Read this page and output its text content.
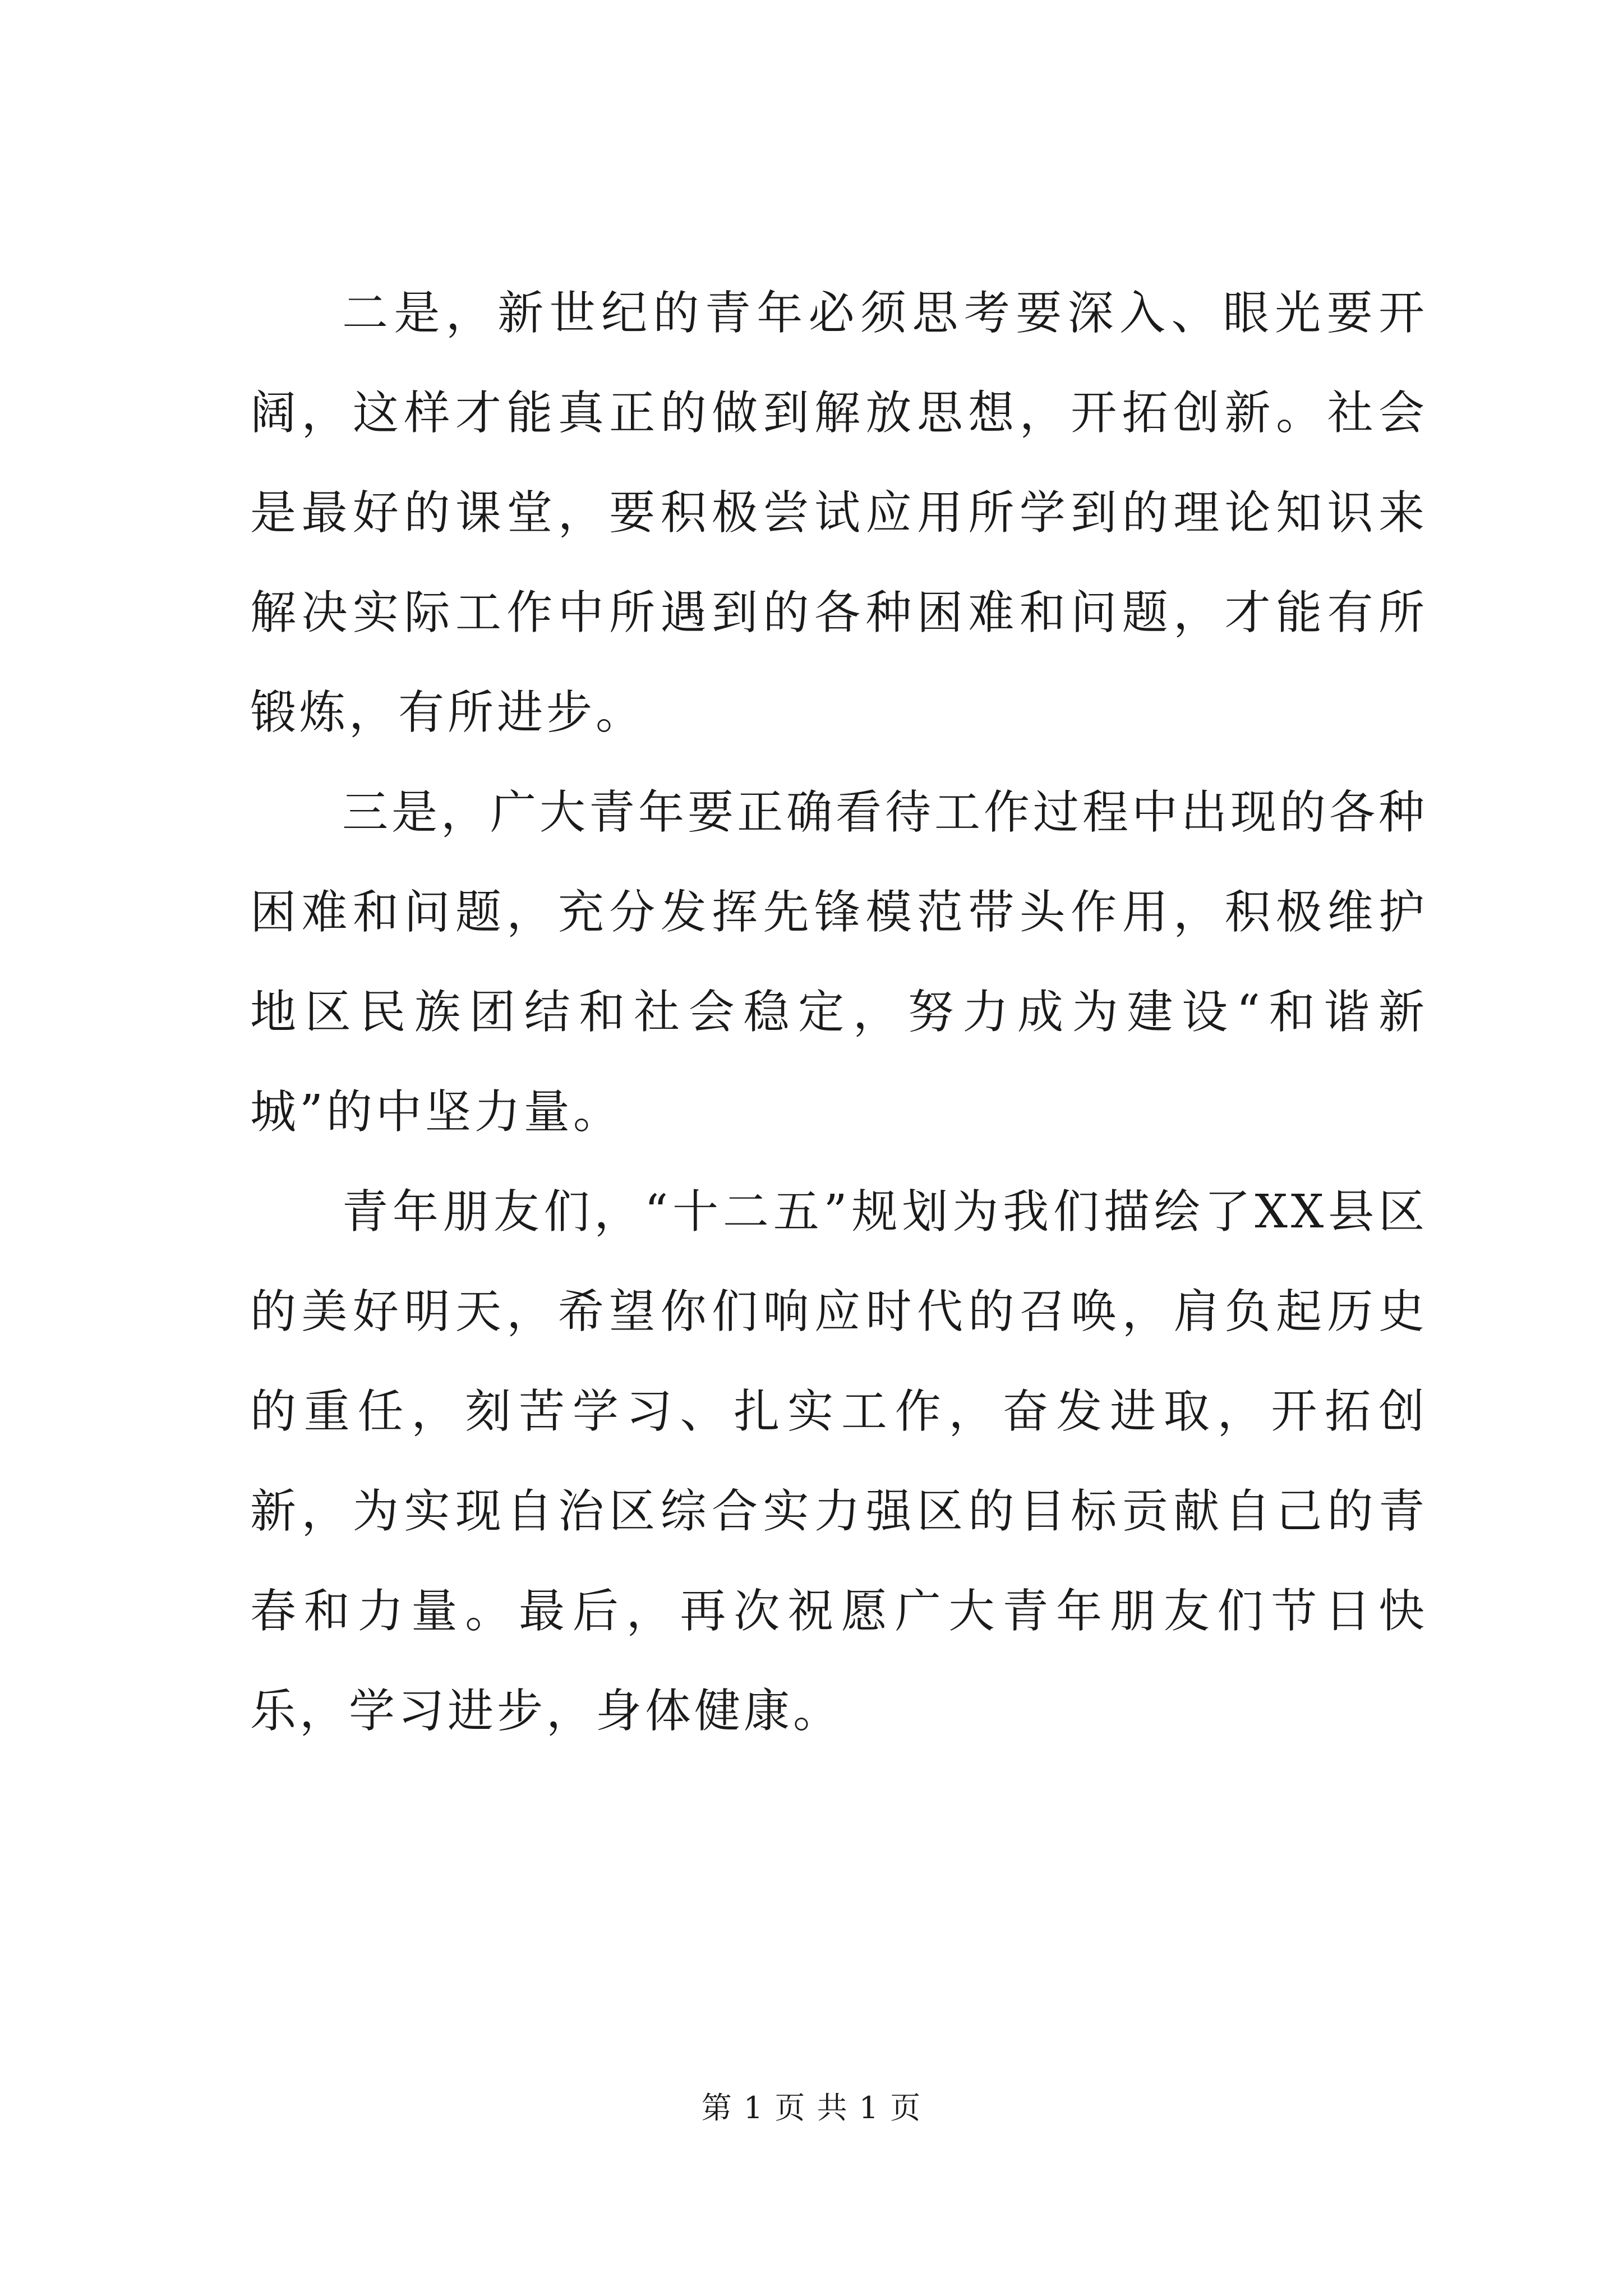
二是，新世纪的青年必须思考要深入、眼光要开阔，这样才能真正的做到解放思想，开拓创新。社会是最好的课堂，要积极尝试应用所学到的理论知识来解决实际工作中所遇到的各种困难和问题，才能有所锻炼，有所进步。

三是，广大青年要正确看待工作过程中出现的各种困难和问题，充分发挥先锋模范带头作用，积极维护地区民族团结和社会稳定，努力成为建设“和谐新城”的中坚力量。

青年朋友们，“十二五”规划为我们描绘了XX县区的美好明天，希望你们响应时代的召唤，肩负起历史的重任，刻苦学习、扎实工作，奋发进取，开拓创新，为实现自治区综合实力强区的目标贡献自己的青春和力量。最后，再次祝愿广大青年朋友们节日快乐，学习进步，身体健康。

第 1 页 共 1 页
